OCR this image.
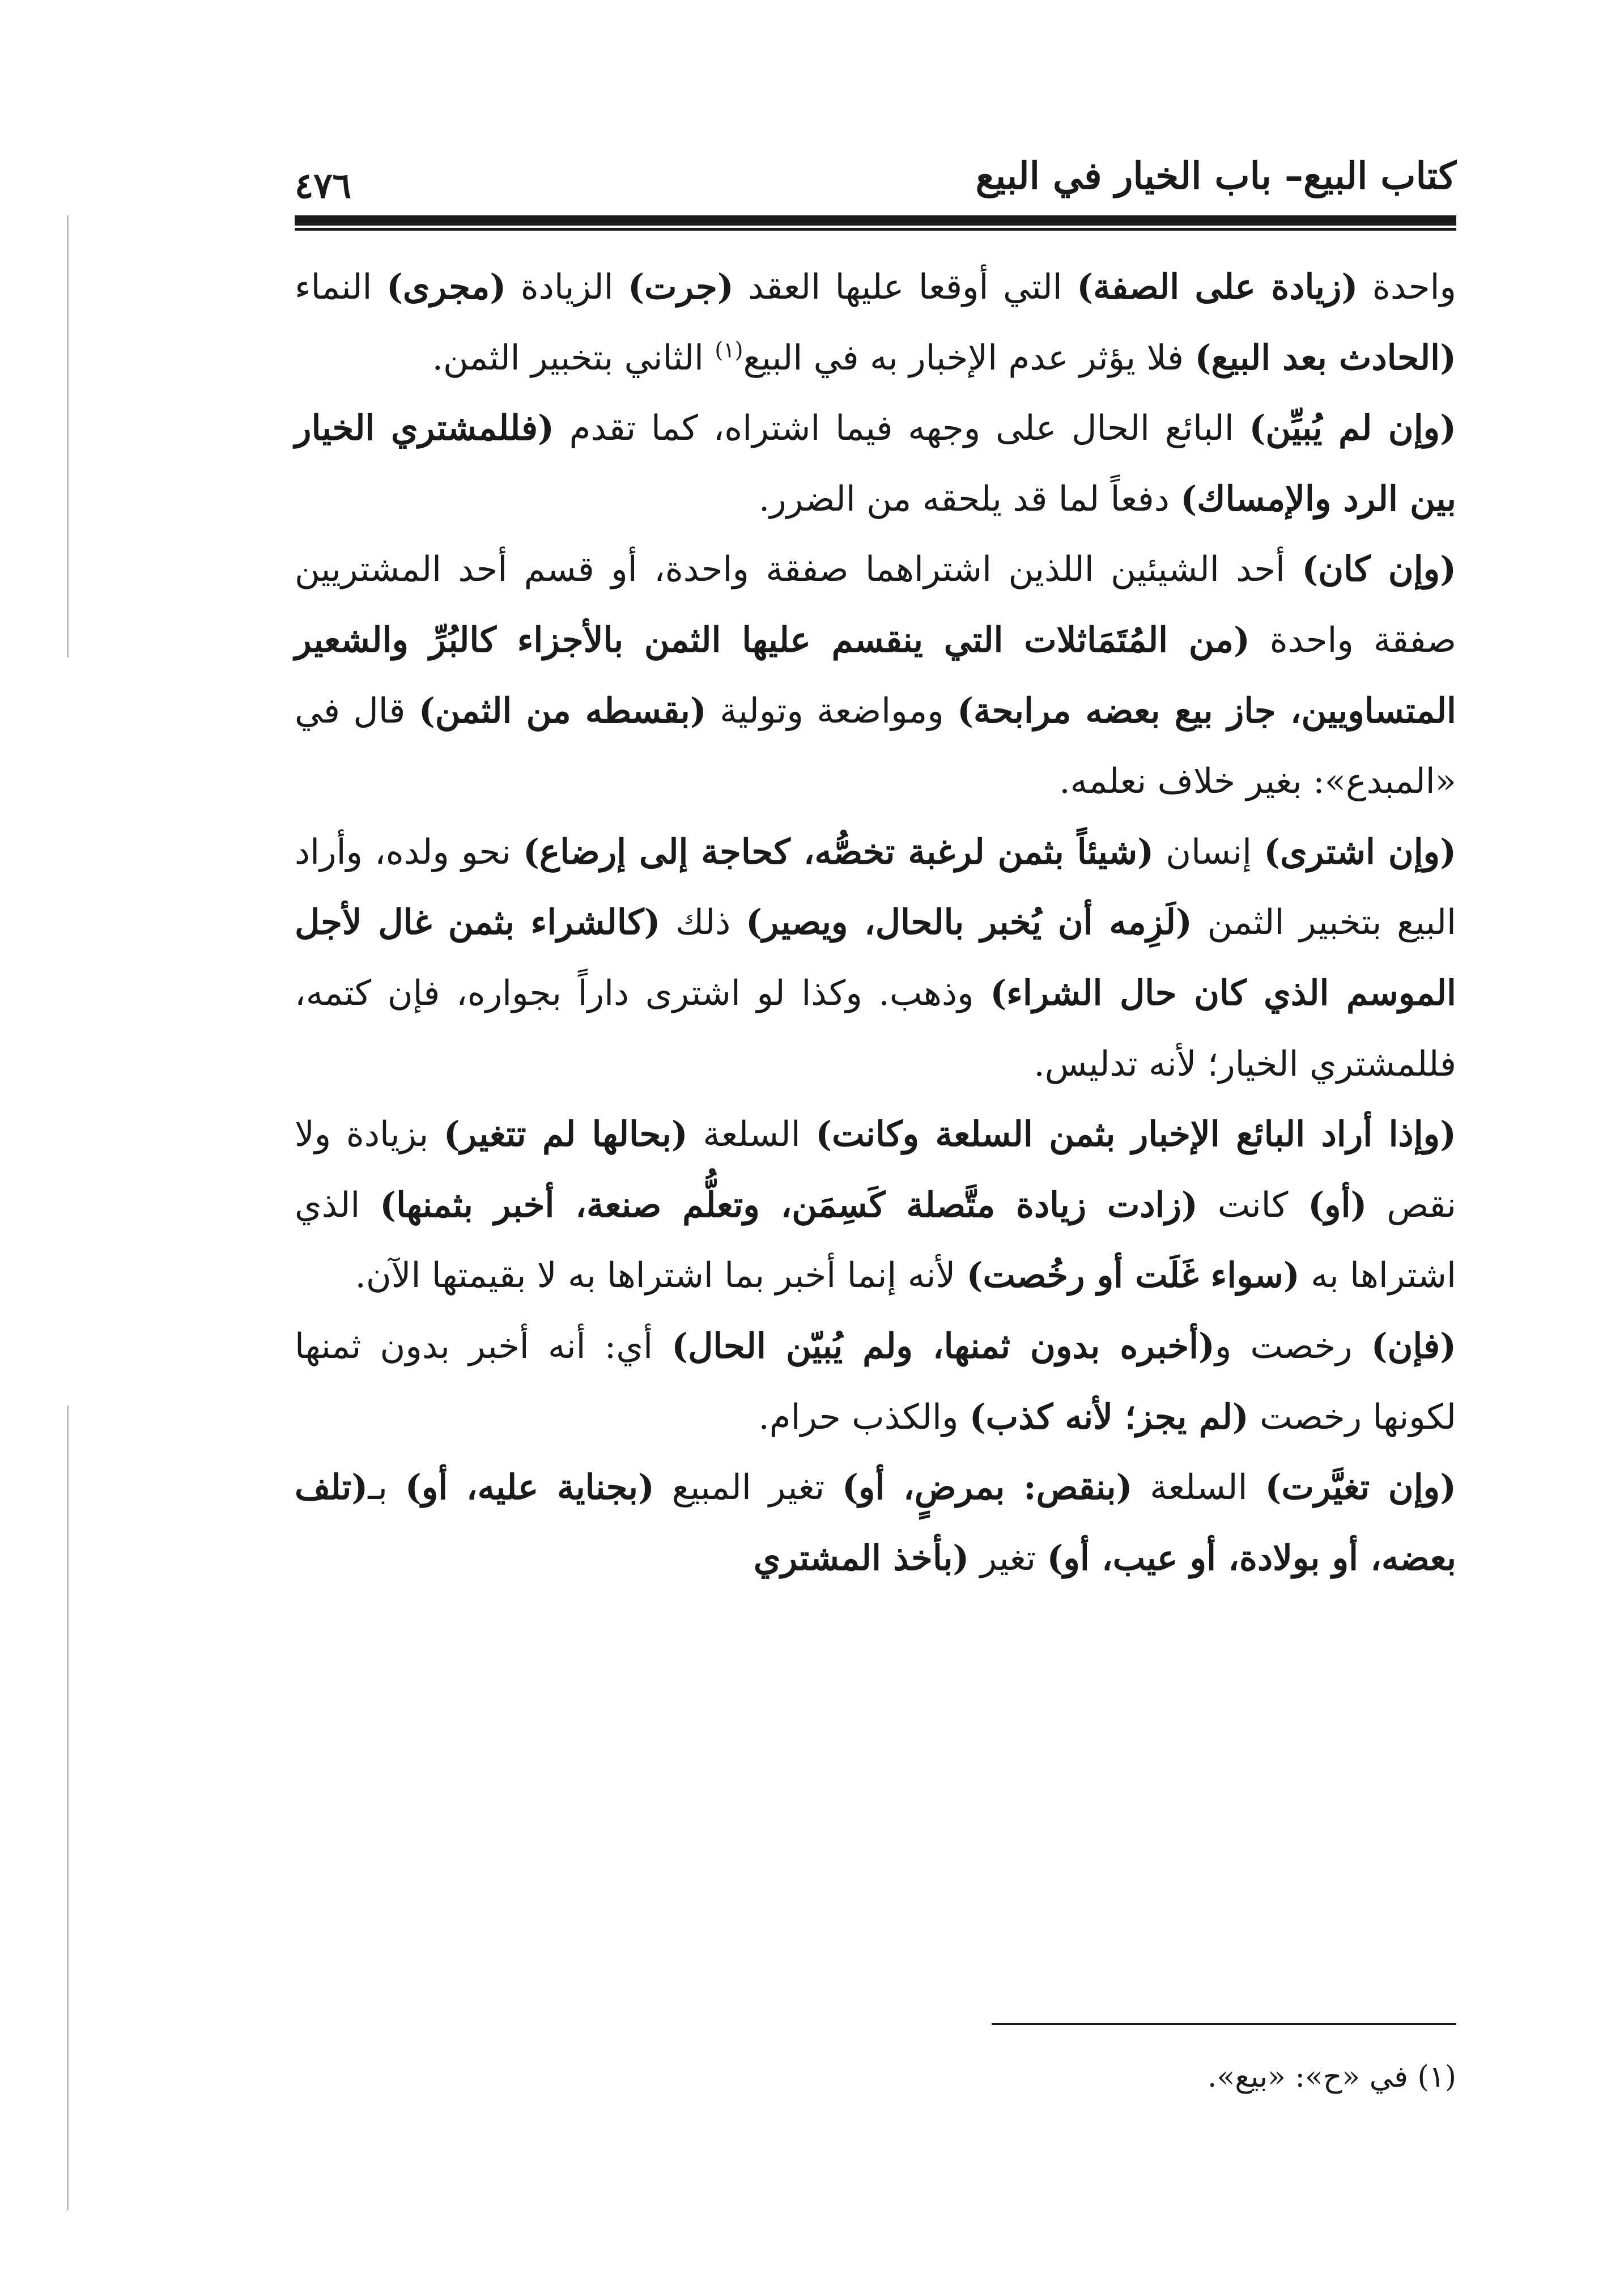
كتاب البيع– باب الخيار في البيع
٤٧٦

واحدة (زيادة على الصفة) التي أوقعا عليها العقد (جرت) الزيادة (مجرى) النماء (الحادث بعد البيع) فلا يؤثر عدم الإخبار به في البيع$^{(١)}$ الثاني بتخبير الثمن.

(وإن لم يُبيِّن) البائع الحال على وجهه فيما اشتراه، كما تقدم (فللمشتري الخيار بين الرد والإمساك) دفعاً لما قد يلحقه من الضرر.

(وإن كان) أحد الشيئين اللذين اشتراهما صفقة واحدة، أو قسم أحد المشتريين صفقة واحدة (من المُتَمَاثلات التي ينقسم عليها الثمن بالأجزاء كالبُرِّ والشعير المتساويين، جاز بيع بعضه مرابحة) ومواضعة وتولية (بقسطه من الثمن) قال في «المبدع»: بغير خلاف نعلمه.

(وإن اشترى) إنسان (شيئاً بثمن لرغبة تخصُّه، كحاجة إلى إرضاع) نحو ولده، وأراد البيع بتخبير الثمن (لَزِمه أن يُخبر بالحال، ويصير) ذلك (كالشراء بثمن غال لأجل الموسم الذي كان حال الشراء) وذهب. وكذا لو اشترى داراً بجواره، فإن كتمه، فللمشتري الخيار؛ لأنه تدليس.

(وإذا أراد البائع الإخبار بثمن السلعة وكانت) السلعة (بحالها لم تتغير) بزيادة ولا نقص (أو) كانت (زادت زيادة متَّصلة كَسِمَن، وتعلُّم صنعة، أخبر بثمنها) الذي اشتراها به (سواء غَلَت أو رخُصت) لأنه إنما أخبر بما اشتراها به لا بقيمتها الآن.

(فإن) رخصت و(أخبره بدون ثمنها، ولم يُبيّن الحال) أي: أنه أخبر بدون ثمنها لكونها رخصت (لم يجز؛ لأنه كذب) والكذب حرام.

(وإن تغيَّرت) السلعة (بنقص: بمرضٍ، أو) تغير المبيع (بجناية عليه، أو) بـ(تلف بعضه، أو بولادة، أو عيب، أو) تغير (بأخذ المشتري

(١) في «ح»: «بيع».
